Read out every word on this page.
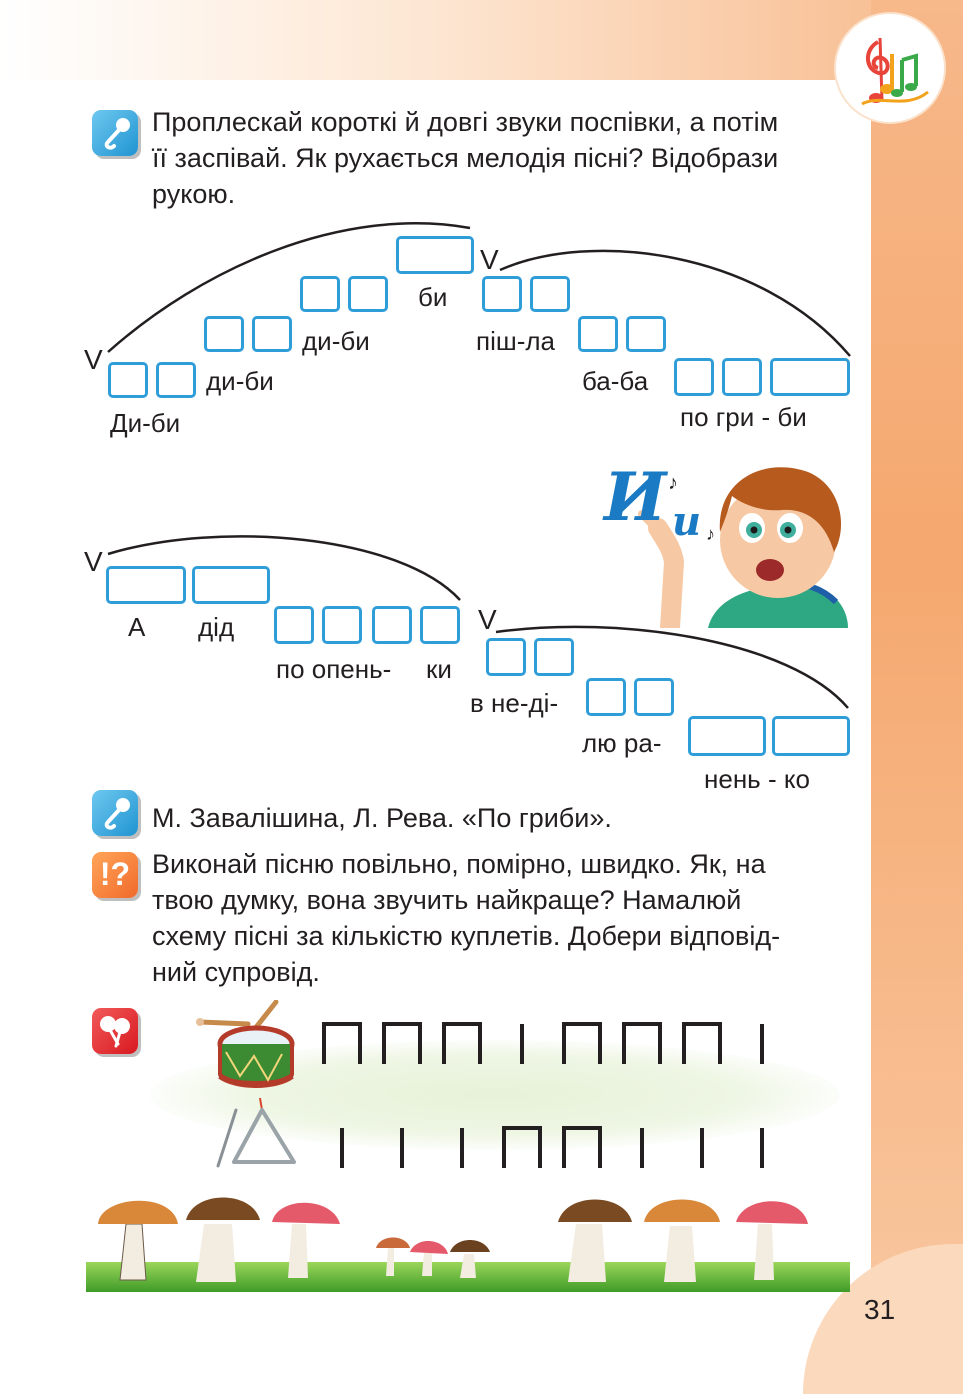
Проплескай короткі й довгі звуки поспівки, а потім
її заспівай. Як рухається мелодія пісні? Відобрази
рукою.
V
V
Ди-би
ди-би
ди-би
би
піш-ла
ба-ба
по гри - би
И и
♪
♪
V
V
А дід
по опень- ки
в не-ді-
лю ра-
нень - ко
М. Завалішина, Л. Рева. «По гриби».
!? Виконай пісню повільно, помірно, швидко. Як, на
твою думку, вона звучить найкраще? Намалюй
схему пісні за кількістю куплетів. Добери відповід-
ний супровід.
31
